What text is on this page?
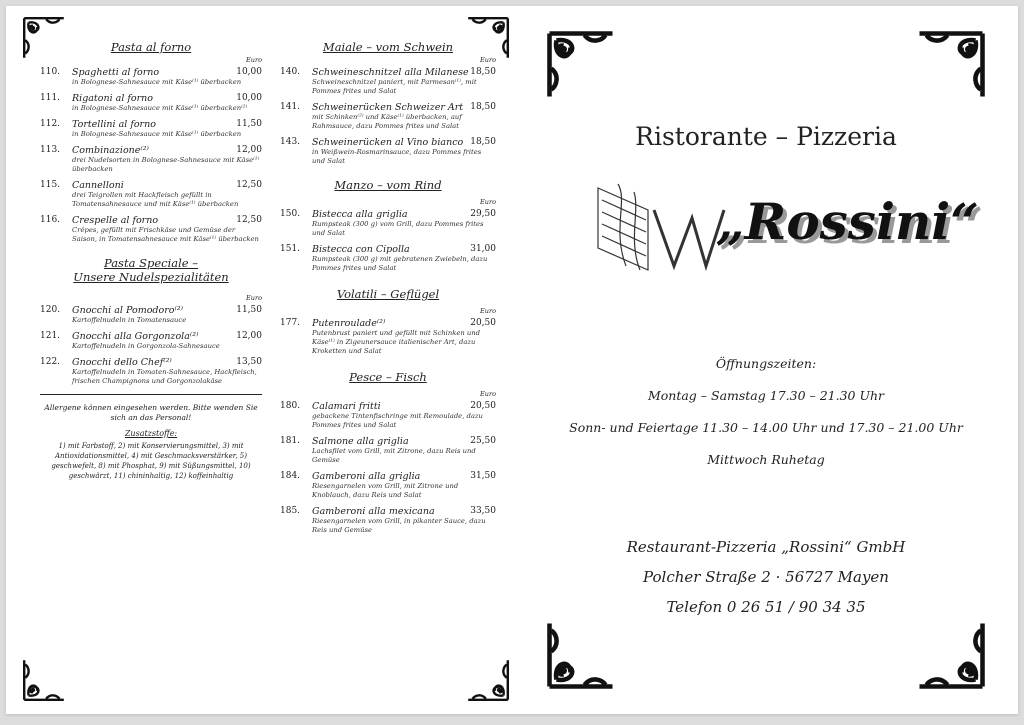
Pasta al forno
Euro
110. Spaghetti al forno	10,00
in Bolognese-Sahnesauce mit Käse⁽¹⁾ überbacken
111. Rigatoni al forno	10,00
in Bolognese-Sahnesauce mit Käse⁽¹⁾ überbacken⁽²⁾
112. Tortellini al forno	11,50
in Bolognese-Sahnesauce mit Käse⁽¹⁾ überbacken
113. Combinazione⁽²⁾	12,00
drei Nudelsorten in Bolognese-Sahnesauce mit Käse⁽¹⁾ überbacken
115. Cannelloni	12,50
drei Teigrollen mit Hackfleisch gefüllt in Tomatensahnesauce und mit Käse⁽¹⁾ überbacken
116. Crespelle al forno	12,50
Crêpes, gefüllt mit Frischkäse und Gemüse der Saison, in Tomatensahnesauce mit Käse⁽¹⁾ überbacken
Pasta Speciale –
Unsere Nudelspezialitäten
Euro
120. Gnocchi al Pomodoro⁽²⁾	11,50
Kartoffelnudeln in Tomatensauce
121. Gnocchi alla Gorgonzola⁽²⁾	12,00
Kartoffelnudeln in Gorgonzola-Sahnesauce
122. Gnocchi dello Chef⁽²⁾	13,50
Kartoffelnudeln in Tomaten-Sahnesauce, Hackfleisch, frischen Champignons und Gorgonzolakäse
Allergene können eingesehen werden. Bitte wenden Sie sich an das Personal!
Zusatzstoffe:
1) mit Farbstoff, 2) mit Konservierungsmittel, 3) mit Antioxidationsmittel, 4) mit Geschmacksverstärker, 5) geschwefelt, 8) mit Phosphat, 9) mit Süßungsmittel, 10) geschwärzt, 11) chininhaltig, 12) koffeinhaltig
Maiale – vom Schwein
Euro
140. Schweineschnitzel alla Milanese 18,50
Schweineschnitzel paniert, mit Parmesan⁽¹⁾, mit Pommes frites und Salat
141. Schweinerücken Schweizer Art 18,50
mit Schinken⁽²⁾ und Käse⁽¹⁾ überbacken, auf Rahmsauce, dazu Pommes frites und Salat
143. Schweinerücken al Vino bianco 18,50
in Weißwein-Rosmarinsauce, dazu Pommes frites und Salat
Manzo – vom Rind
Euro
150. Bistecca alla griglia	29,50
Rumpsteak (300 g) vom Grill, dazu Pommes frites und Salat
151. Bistecca con Cipolla	31,00
Rumpsteak (300 g) mit gebratenen Zwiebeln, dazu Pommes frites und Salat
Volatili – Geflügel
Euro
177. Putenroulade⁽²⁾	20,50
Putenbrust paniert und gefüllt mit Schinken und Käse⁽¹⁾ in Zigeunersauce italienischer Art, dazu Kroketten und Salat
Pesce – Fisch
Euro
180. Calamari fritti	20,50
gebackene Tintenfischringe mit Remoulade, dazu Pommes frites und Salat
181. Salmone alla griglia	25,50
Lachsfilet vom Grill, mit Zitrone, dazu Reis und Gemüse
184. Gamberoni alla griglia	31,50
Riesengarnelen vom Grill, mit Zitrone und Knoblauch, dazu Reis und Salat
185. Gamberoni alla mexicana	33,50
Riesengarnelen vom Grill, in pikanter Sauce, dazu Reis und Gemüse
Ristorante – Pizzeria
„Rossini“
Öffnungszeiten:
Montag – Samstag 17.30 – 21.30 Uhr
Sonn- und Feiertage 11.30 – 14.00 Uhr und 17.30 – 21.00 Uhr
Mittwoch Ruhetag
Restaurant-Pizzeria „Rossini“ GmbH
Polcher Straße 2 · 56727 Mayen
Telefon 0 26 51 / 90 34 35
